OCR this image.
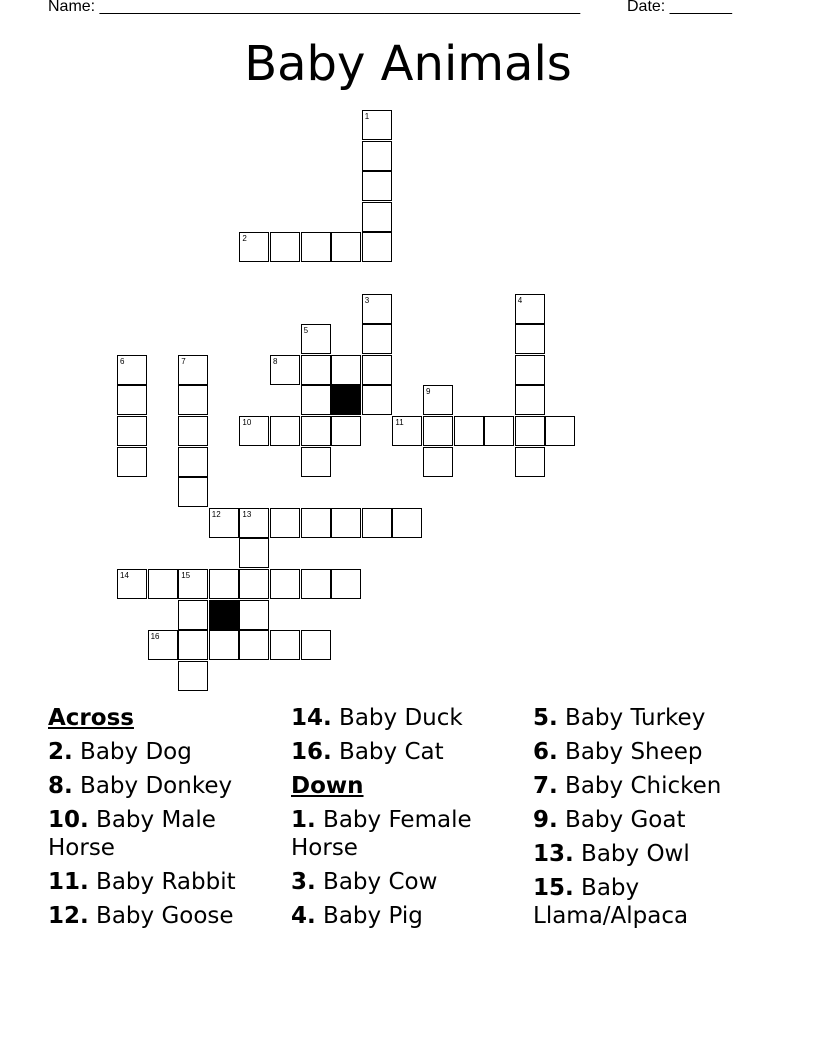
Name: ______________________________________________________	Date: _______
Baby Animals
1
2
3	4
5
6	7	8
9
10	11
12	13
14	15
16
Across
2. Baby Dog
8. Baby Donkey
10. Baby Male Horse
11. Baby Rabbit
12. Baby Goose
14. Baby Duck
16. Baby Cat
Down
1. Baby Female Horse
3. Baby Cow
4. Baby Pig
5. Baby Turkey
6. Baby Sheep
7. Baby Chicken
9. Baby Goat
13. Baby Owl
15. Baby Llama/Alpaca
